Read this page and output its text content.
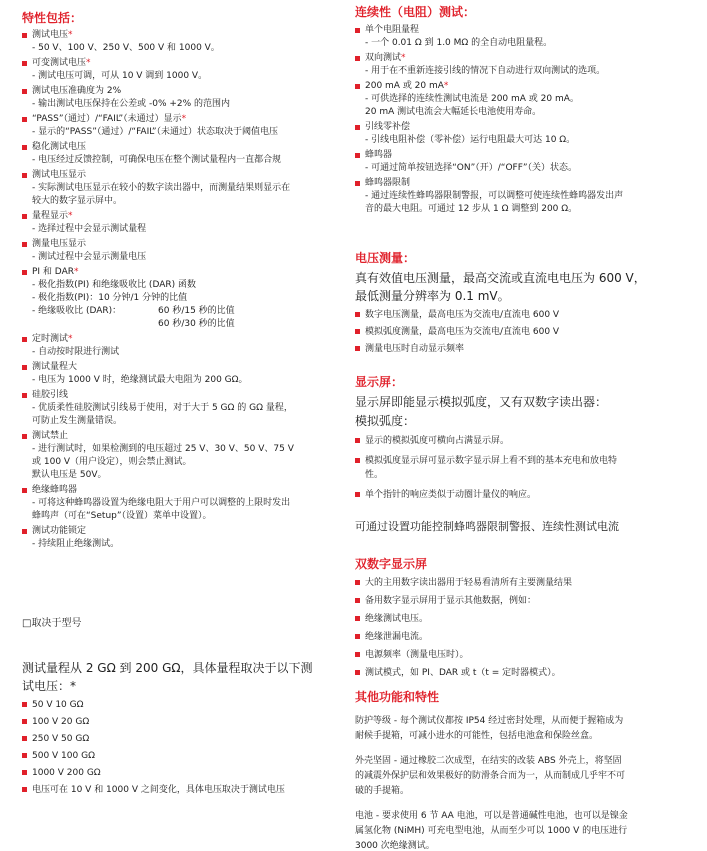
特性包括：
测试电压*
- 50 V、100 V、250 V、500 V 和 1000 V。
可变测试电压*
- 测试电压可调，可从 10 V 调到 1000 V。
测试电压准确度为 2%
- 输出测试电压保持在公差或 -0% +2% 的范围内
“PASS”（通过）/“FAIL”（未通过）显示*
- 显示的“PASS”（通过）/“FAIL”（未通过）状态取决于阈值电压
稳化测试电压
- 电压经过反馈控制，可确保电压在整个测试量程内一直都合规
测试电压显示
- 实际测试电压显示在较小的数字读出器中，而测量结果则显示在
较大的数字显示屏中。
量程显示*
- 选择过程中会显示测试量程
测量电压显示
- 测试过程中会显示测量电压
PI 和 DAR*
- 极化指数(PI) 和绝缘吸收比 (DAR) 函数
- 极化指数(PI)：10 分钟/1 分钟的比值
- 绝缘吸收比 (DAR)：	60 秒/15 秒的比值
60 秒/30 秒的比值
定时测试*
- 自动按时限进行测试
测试量程大
- 电压为 1000 V 时，绝缘测试最大电阻为 200 GΩ。
硅胶引线
- 优质柔性硅胶测试引线易于使用，对于大于 5 GΩ 的 GΩ 量程，
可防止发生测量错误。
测试禁止
- 进行测试时，如果检测到的电压超过 25 V、30 V、50 V、75 V
或 100 V（用户设定），则会禁止测试。
默认电压是 50V。
绝缘蜂鸣器
- 可将这种蜂鸣器设置为绝缘电阻大于用户可以调整的上限时发出
蜂鸣声（可在“Setup”（设置）菜单中设置）。
测试功能锁定
- 持续阻止绝缘测试。
□取决于型号
测试量程从 2 GΩ 到 200 GΩ，具体量程取决于以下测
试电压：*
50 V 10 GΩ
100 V 20 GΩ
250 V 50 GΩ
500 V 100 GΩ
1000 V 200 GΩ
电压可在 10 V 和 1000 V 之间变化，具体电压取决于测试电压
连续性（电阻）测试：
单个电阻量程
- 一个 0.01 Ω 到 1.0 MΩ 的全自动电阻量程。
双向测试*
- 用于在不重新连接引线的情况下自动进行双向测试的选项。
200 mA 或 20 mA*
- 可供选择的连续性测试电流是 200 mA 或 20 mA。
20 mA 测试电流会大幅延长电池使用寿命。
引线零补偿
- 引线电阻补偿（零补偿）运行电阻最大可达 10 Ω。
蜂鸣器
- 可通过简单按钮选择“ON”（开）/“OFF”（关）状态。
蜂鸣器限制
- 通过连续性蜂鸣器限制警报，可以调整可使连续性蜂鸣器发出声
音的最大电阻。可通过 12 步从 1 Ω 调整到 200 Ω。
电压测量：
真有效值电压测量，最高交流或直流电电压为 600 V，
最低测量分辨率为 0.1 mV。
数字电压测量，最高电压为交流电/直流电 600 V
模拟弧度测量，最高电压为交流电/直流电 600 V
测量电压时自动显示频率
显示屏：
显示屏即能显示模拟弧度，又有双数字读出器：
模拟弧度：
显示的模拟弧度可横向占满显示屏。
模拟弧度显示屏可显示数字显示屏上看不到的基本充电和放电特
性。
单个指针的响应类似于动圈计量仪的响应。
可通过设置功能控制蜂鸣器限制警报、连续性测试电流
双数字显示屏
大的主用数字读出器用于轻易看清所有主要测量结果
备用数字显示屏用于显示其他数据，例如：
绝缘测试电压。
绝缘泄漏电流。
电源频率（测量电压时）。
测试模式，如 PI、DAR 或 t（t = 定时器模式）。
其他功能和特性
防护等级 - 每个测试仪都按 IP54 经过密封处理，从而便于握箱成为
耐候手提箱，可减小进水的可能性，包括电池盒和保险丝盒。
外壳坚固 - 通过橡胶二次成型，在结实的改装 ABS 外壳上，将坚固
的减震外保护层和效果极好的防滑条合而为一，从而制成几乎牢不可
破的手提箱。
电池 - 要求使用 6 节 AA 电池，可以是普通碱性电池，也可以是镍金
属氢化物 (NiMH) 可充电型电池，从而至少可以 1000 V 的电压进行
3000 次绝缘测试。
